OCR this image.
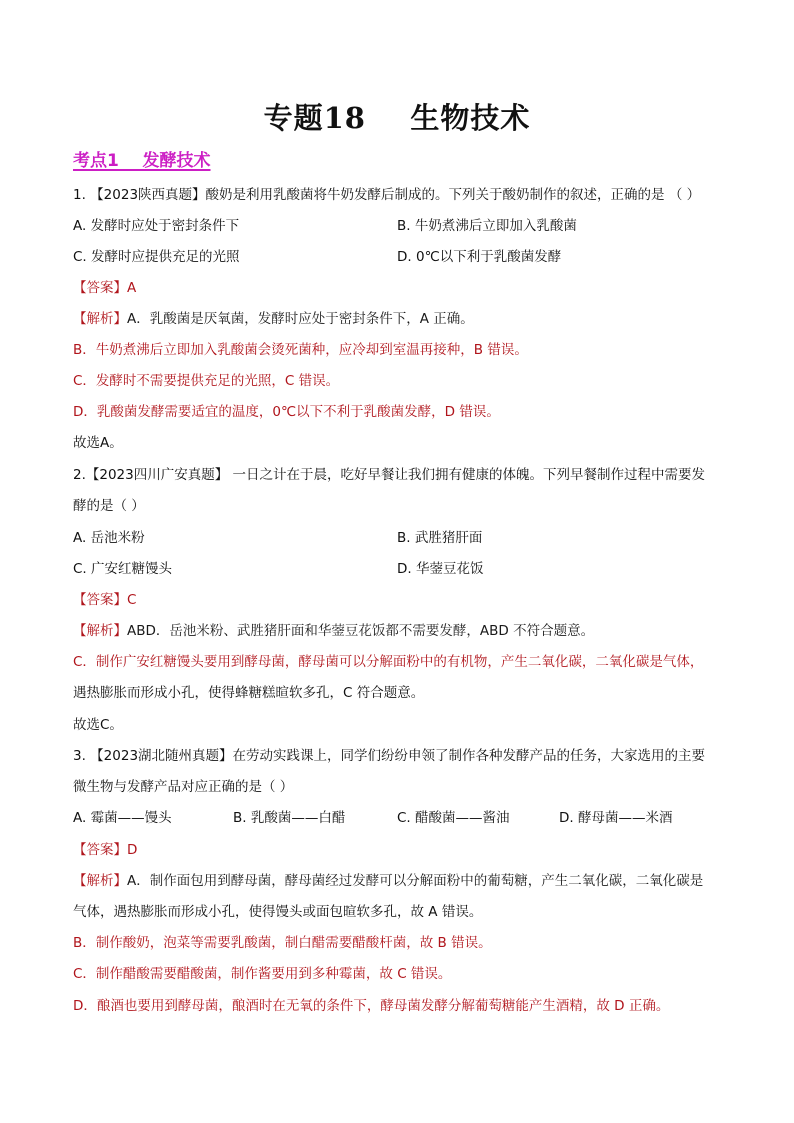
专题18    生物技术
考点1    发酵技术
1. 【2023陕西真题】酸奶是利用乳酸菌将牛奶发酵后制成的。下列关于酸奶制作的叙述，正确的是 （ ）
A. 发酵时应处于密封条件下	B. 牛奶煮沸后立即加入乳酸菌
C. 发酵时应提供充足的光照	D. 0℃以下利于乳酸菌发酵
【答案】A
【解析】A．乳酸菌是厌氧菌，发酵时应处于密封条件下，A 正确。
B．牛奶煮沸后立即加入乳酸菌会烫死菌种，应冷却到室温再接种，B 错误。
C．发酵时不需要提供充足的光照，C 错误。
D．乳酸菌发酵需要适宜的温度，0℃以下不利于乳酸菌发酵，D 错误。
故选A。
2.【2023四川广安真题】 一日之计在于晨，吃好早餐让我们拥有健康的体魄。下列早餐制作过程中需要发
酵的是（ ）
A. 岳池米粉	B. 武胜猪肝面
C. 广安红糖馒头	D. 华蓥豆花饭
【答案】C
【解析】ABD．岳池米粉、武胜猪肝面和华蓥豆花饭都不需要发酵，ABD 不符合题意。
C．制作广安红糖馒头要用到酵母菌，酵母菌可以分解面粉中的有机物，产生二氧化碳，二氧化碳是气体，
遇热膨胀而形成小孔，使得蜂糖糕暄软多孔，C 符合题意。
故选C。
3. 【2023湖北随州真题】在劳动实践课上，同学们纷纷申领了制作各种发酵产品的任务，大家选用的主要
微生物与发酵产品对应正确的是（ ）
A. 霉菌——馒头	B. 乳酸菌——白醋	C. 醋酸菌——酱油	D. 酵母菌——米酒
【答案】D
【解析】A．制作面包用到酵母菌，酵母菌经过发酵可以分解面粉中的葡萄糖，产生二氧化碳，二氧化碳是
气体，遇热膨胀而形成小孔，使得馒头或面包暄软多孔，故 A 错误。
B．制作酸奶，泡菜等需要乳酸菌，制白醋需要醋酸杆菌，故 B 错误。
C．制作醋酸需要醋酸菌，制作酱要用到多种霉菌，故 C 错误。
D．酿酒也要用到酵母菌，酿酒时在无氧的条件下，酵母菌发酵分解葡萄糖能产生酒精，故 D 正确。
